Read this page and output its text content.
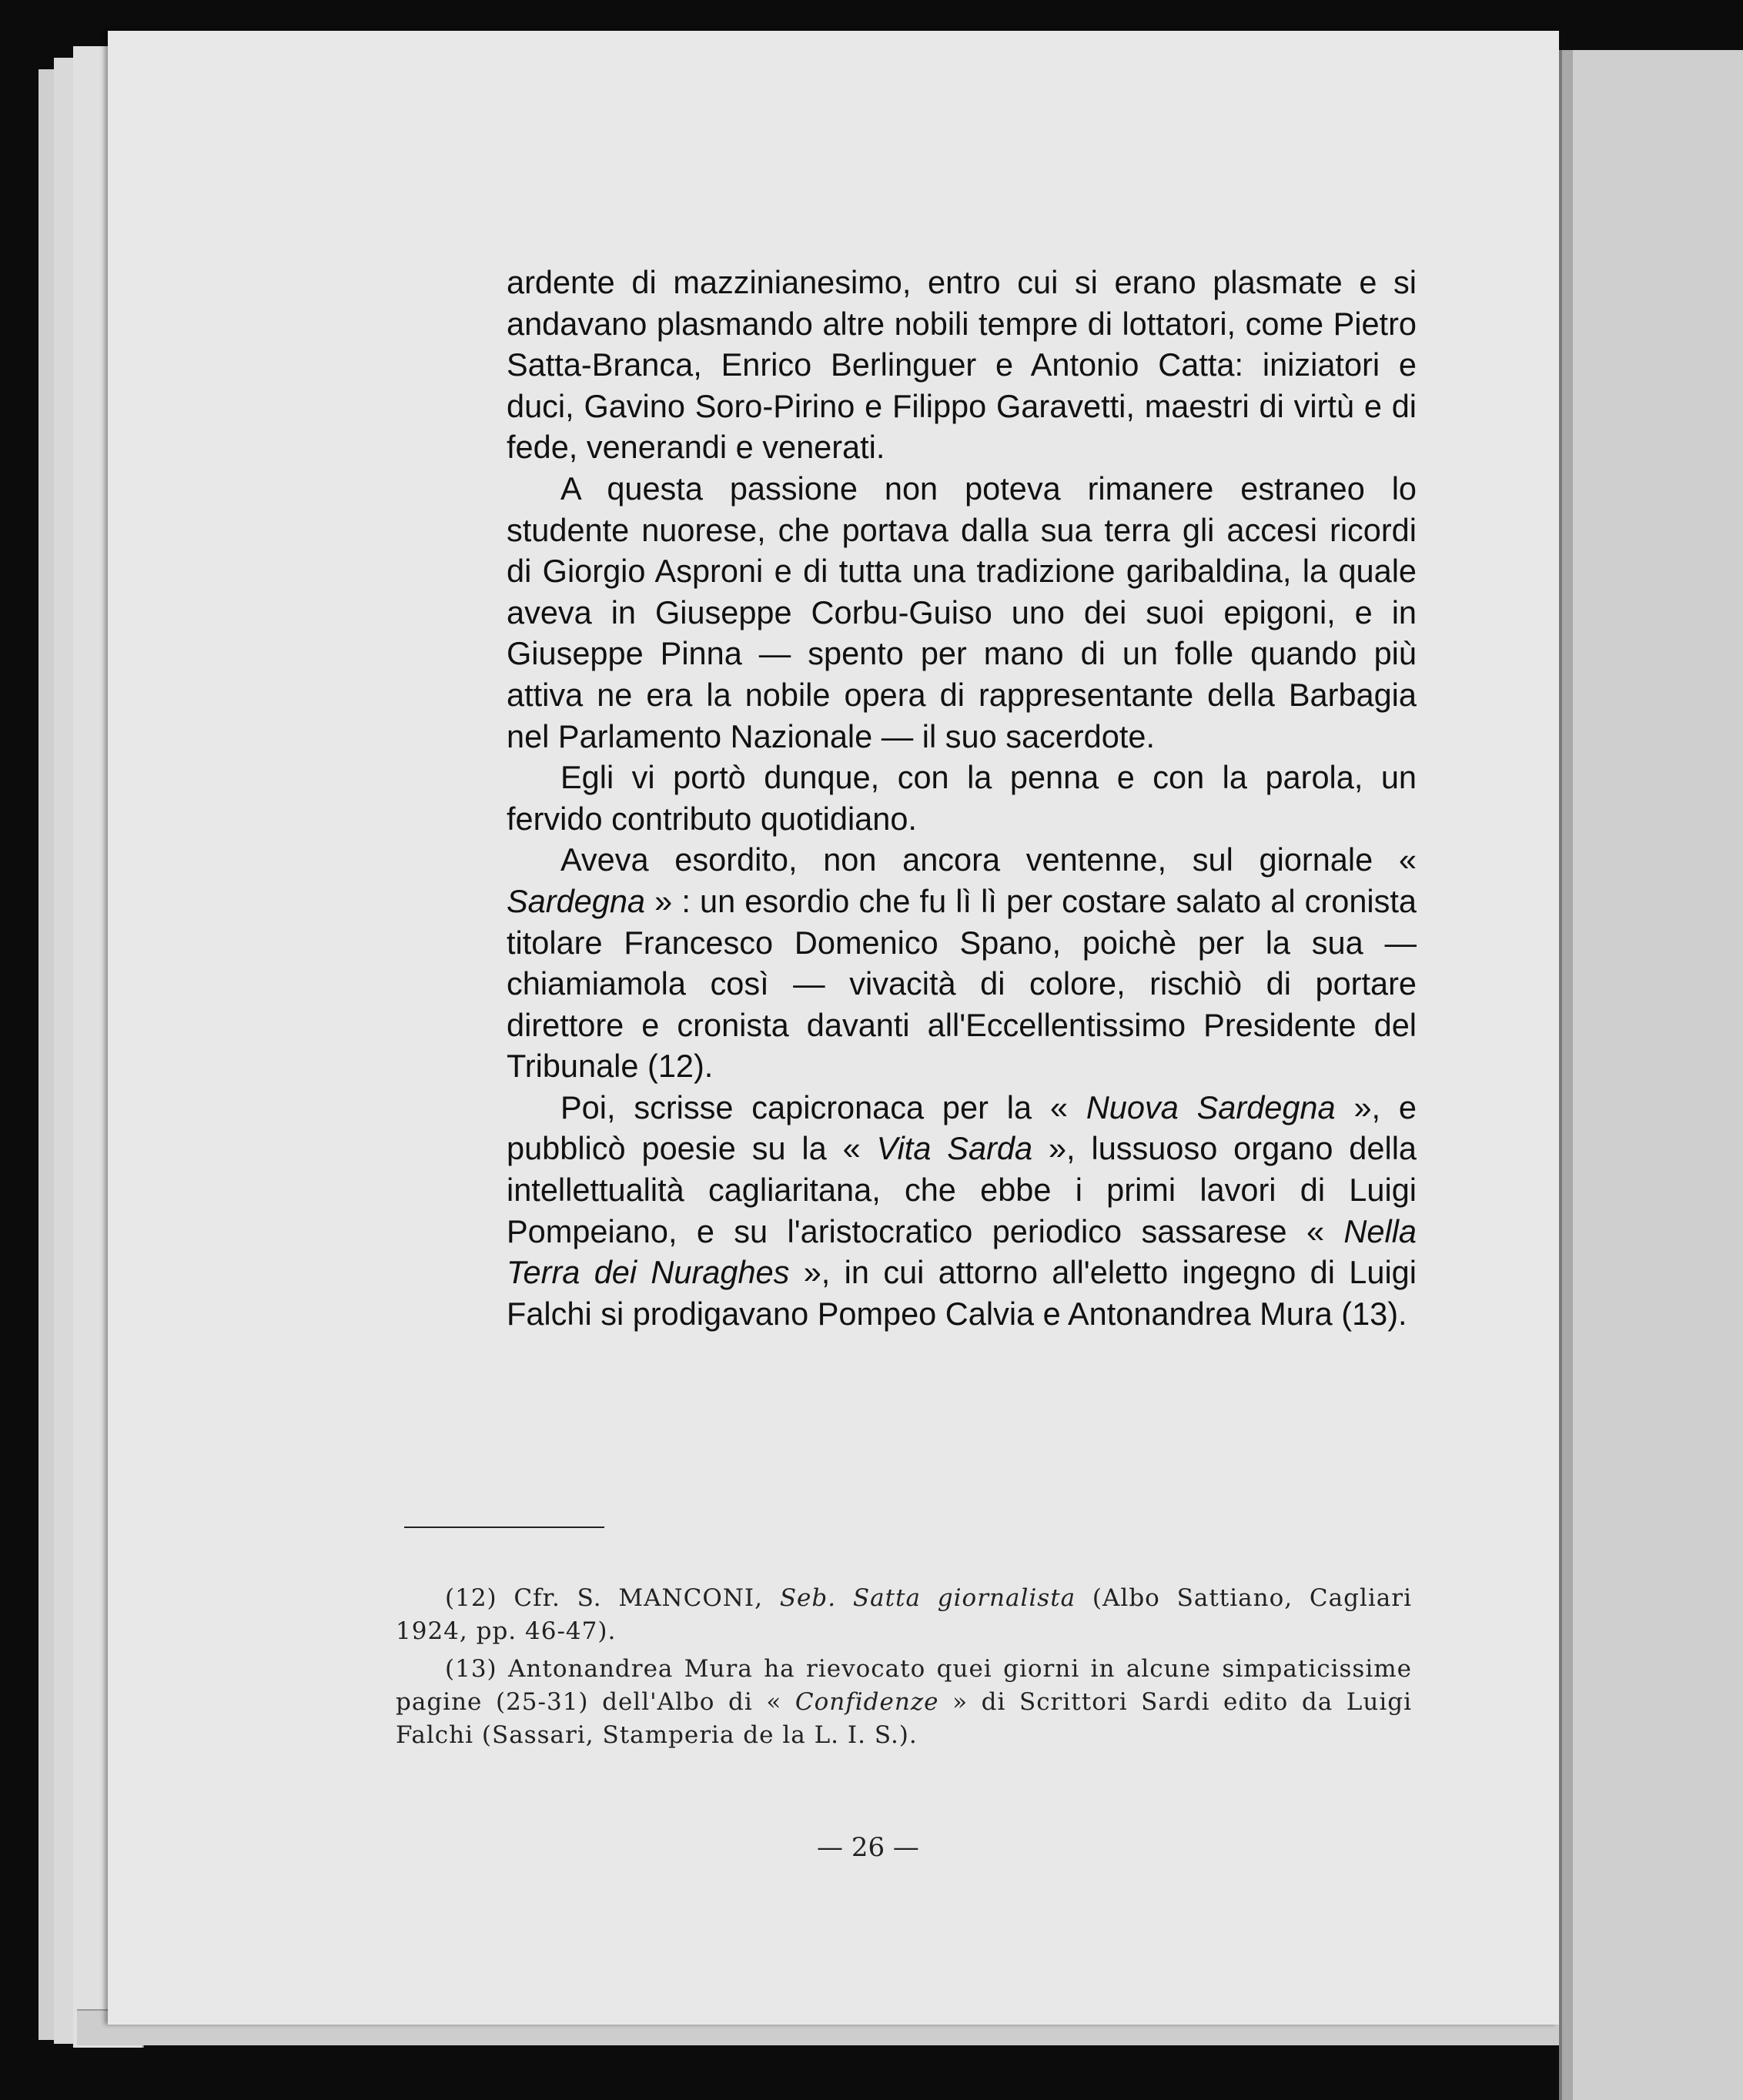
ardente di mazzinianesimo, entro cui si erano plasmate e si andavano plasmando altre nobili tempre di lottatori, come Pietro Satta-Branca, Enrico Berlinguer e Antonio Catta: iniziatori e duci, Gavino Soro-Pirino e Filippo Garavetti, maestri di virtù e di fede, venerandi e venerati.

A questa passione non poteva rimanere estraneo lo studente nuorese, che portava dalla sua terra gli accesi ricordi di Giorgio Asproni e di tutta una tradizione garibaldina, la quale aveva in Giuseppe Corbu-Guiso uno dei suoi epigoni, e in Giuseppe Pinna — spento per mano di un folle quando più attiva ne era la nobile opera di rappresentante della Barbagia nel Parlamento Nazionale — il suo sacerdote.

Egli vi portò dunque, con la penna e con la parola, un fervido contributo quotidiano.

Aveva esordito, non ancora ventenne, sul giornale « Sardegna » : un esordio che fu lì lì per costare salato al cronista titolare Francesco Domenico Spano, poichè per la sua — chiamiamola così — vivacità di colore, rischiò di portare direttore e cronista davanti all'Eccellentissimo Presidente del Tribunale (12).

Poi, scrisse capicronaca per la « Nuova Sardegna », e pubblicò poesie su la « Vita Sarda », lussuoso organo della intellettualità cagliaritana, che ebbe i primi lavori di Luigi Pompeiano, e su l'aristocratico periodico sassarese « Nella Terra dei Nuraghes », in cui attorno all'eletto ingegno di Luigi Falchi si prodigavano Pompeo Calvia e Antonandrea Mura (13).

(12) Cfr. S. MANCONI, Seb. Satta giornalista (Albo Sattiano, Cagliari 1924, pp. 46-47).

(13) Antonandrea Mura ha rievocato quei giorni in alcune simpaticissime pagine (25-31) dell'Albo di « Confidenze » di Scrittori Sardi edito da Luigi Falchi (Sassari, Stamperia de la L. I. S.).

— 26 —
